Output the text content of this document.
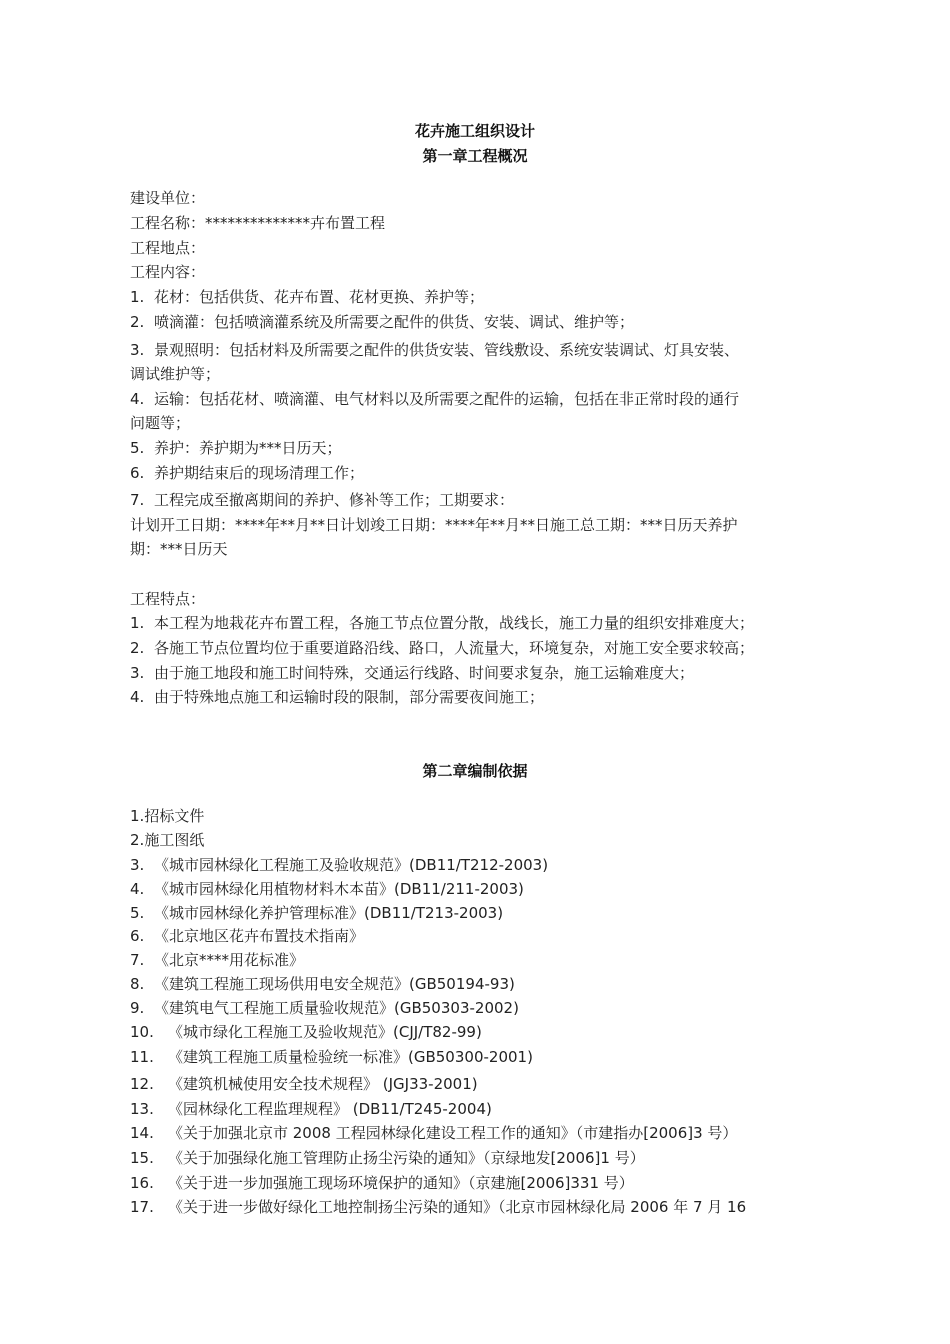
花卉施工组织设计
第一章工程概况
建设单位：
工程名称：**************卉布置工程
工程地点：
工程内容：
1. 花材：包括供货、花卉布置、花材更换、养护等；
2. 喷滴灌：包括喷滴灌系统及所需要之配件的供货、安装、调试、维护等；
3. 景观照明：包括材料及所需要之配件的供货安装、管线敷设、系统安装调试、灯具安装、
调试维护等；
4. 运输：包括花材、喷滴灌、电气材料以及所需要之配件的运输，包括在非正常时段的通行
问题等；
5. 养护：养护期为***日历天；
6. 养护期结束后的现场清理工作；
7. 工程完成至撤离期间的养护、修补等工作；工期要求：
计划开工日期：****年**月**日计划竣工日期：****年**月**日施工总工期：***日历天养护
期：***日历天
工程特点：
1. 本工程为地栽花卉布置工程，各施工节点位置分散，战线长，施工力量的组织安排难度大；
2. 各施工节点位置均位于重要道路沿线、路口，人流量大，环境复杂，对施工安全要求较高；
3. 由于施工地段和施工时间特殊，交通运行线路、时间要求复杂，施工运输难度大；
4. 由于特殊地点施工和运输时段的限制，部分需要夜间施工；
第二章编制依据
1.招标文件
2.施工图纸
3. 《城市园林绿化工程施工及验收规范》(DB11/T212-2003)
4. 《城市园林绿化用植物材料木本苗》(DB11/211-2003)
5. 《城市园林绿化养护管理标准》(DB11/T213-2003)
6. 《北京地区花卉布置技术指南》
7. 《北京****用花标准》
8. 《建筑工程施工现场供用电安全规范》(GB50194-93)
9. 《建筑电气工程施工质量验收规范》(GB50303-2002)
10. 《城市绿化工程施工及验收规范》(CJJ/T82-99)
11. 《建筑工程施工质量检验统一标准》(GB50300-2001)
12. 《建筑机械使用安全技术规程》 (JGJ33-2001)
13. 《园林绿化工程监理规程》 (DB11/T245-2004)
14. 《关于加强北京市 2008 工程园林绿化建设工程工作的通知》（市建指办[2006]3 号）
15. 《关于加强绿化施工管理防止扬尘污染的通知》（京绿地发[2006]1 号）
16. 《关于进一步加强施工现场环境保护的通知》（京建施[2006]331 号）
17. 《关于进一步做好绿化工地控制扬尘污染的通知》（北京市园林绿化局 2006 年 7 月 16
